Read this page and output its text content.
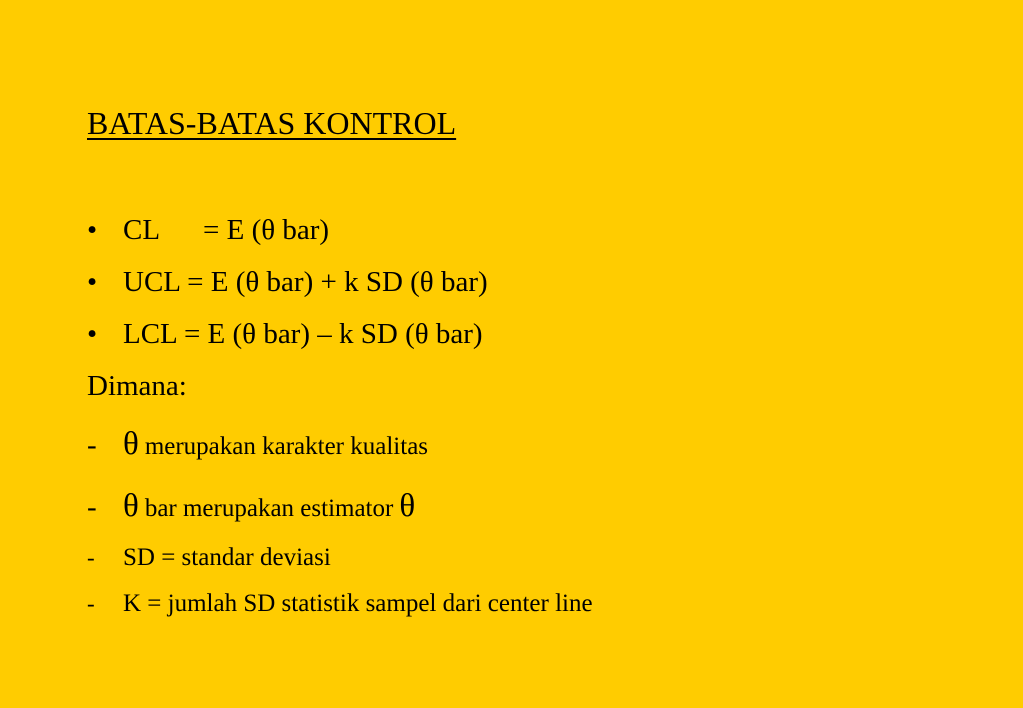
BATAS-BATAS KONTROL
• CL	= E (θ bar)
• UCL = E (θ bar) + k SD (θ bar)
• LCL = E (θ bar) – k SD (θ bar)
Dimana:
- θ merupakan karakter kualitas
- θ bar merupakan estimator θ
-	SD = standar deviasi
-	K = jumlah SD statistik sampel dari center line
